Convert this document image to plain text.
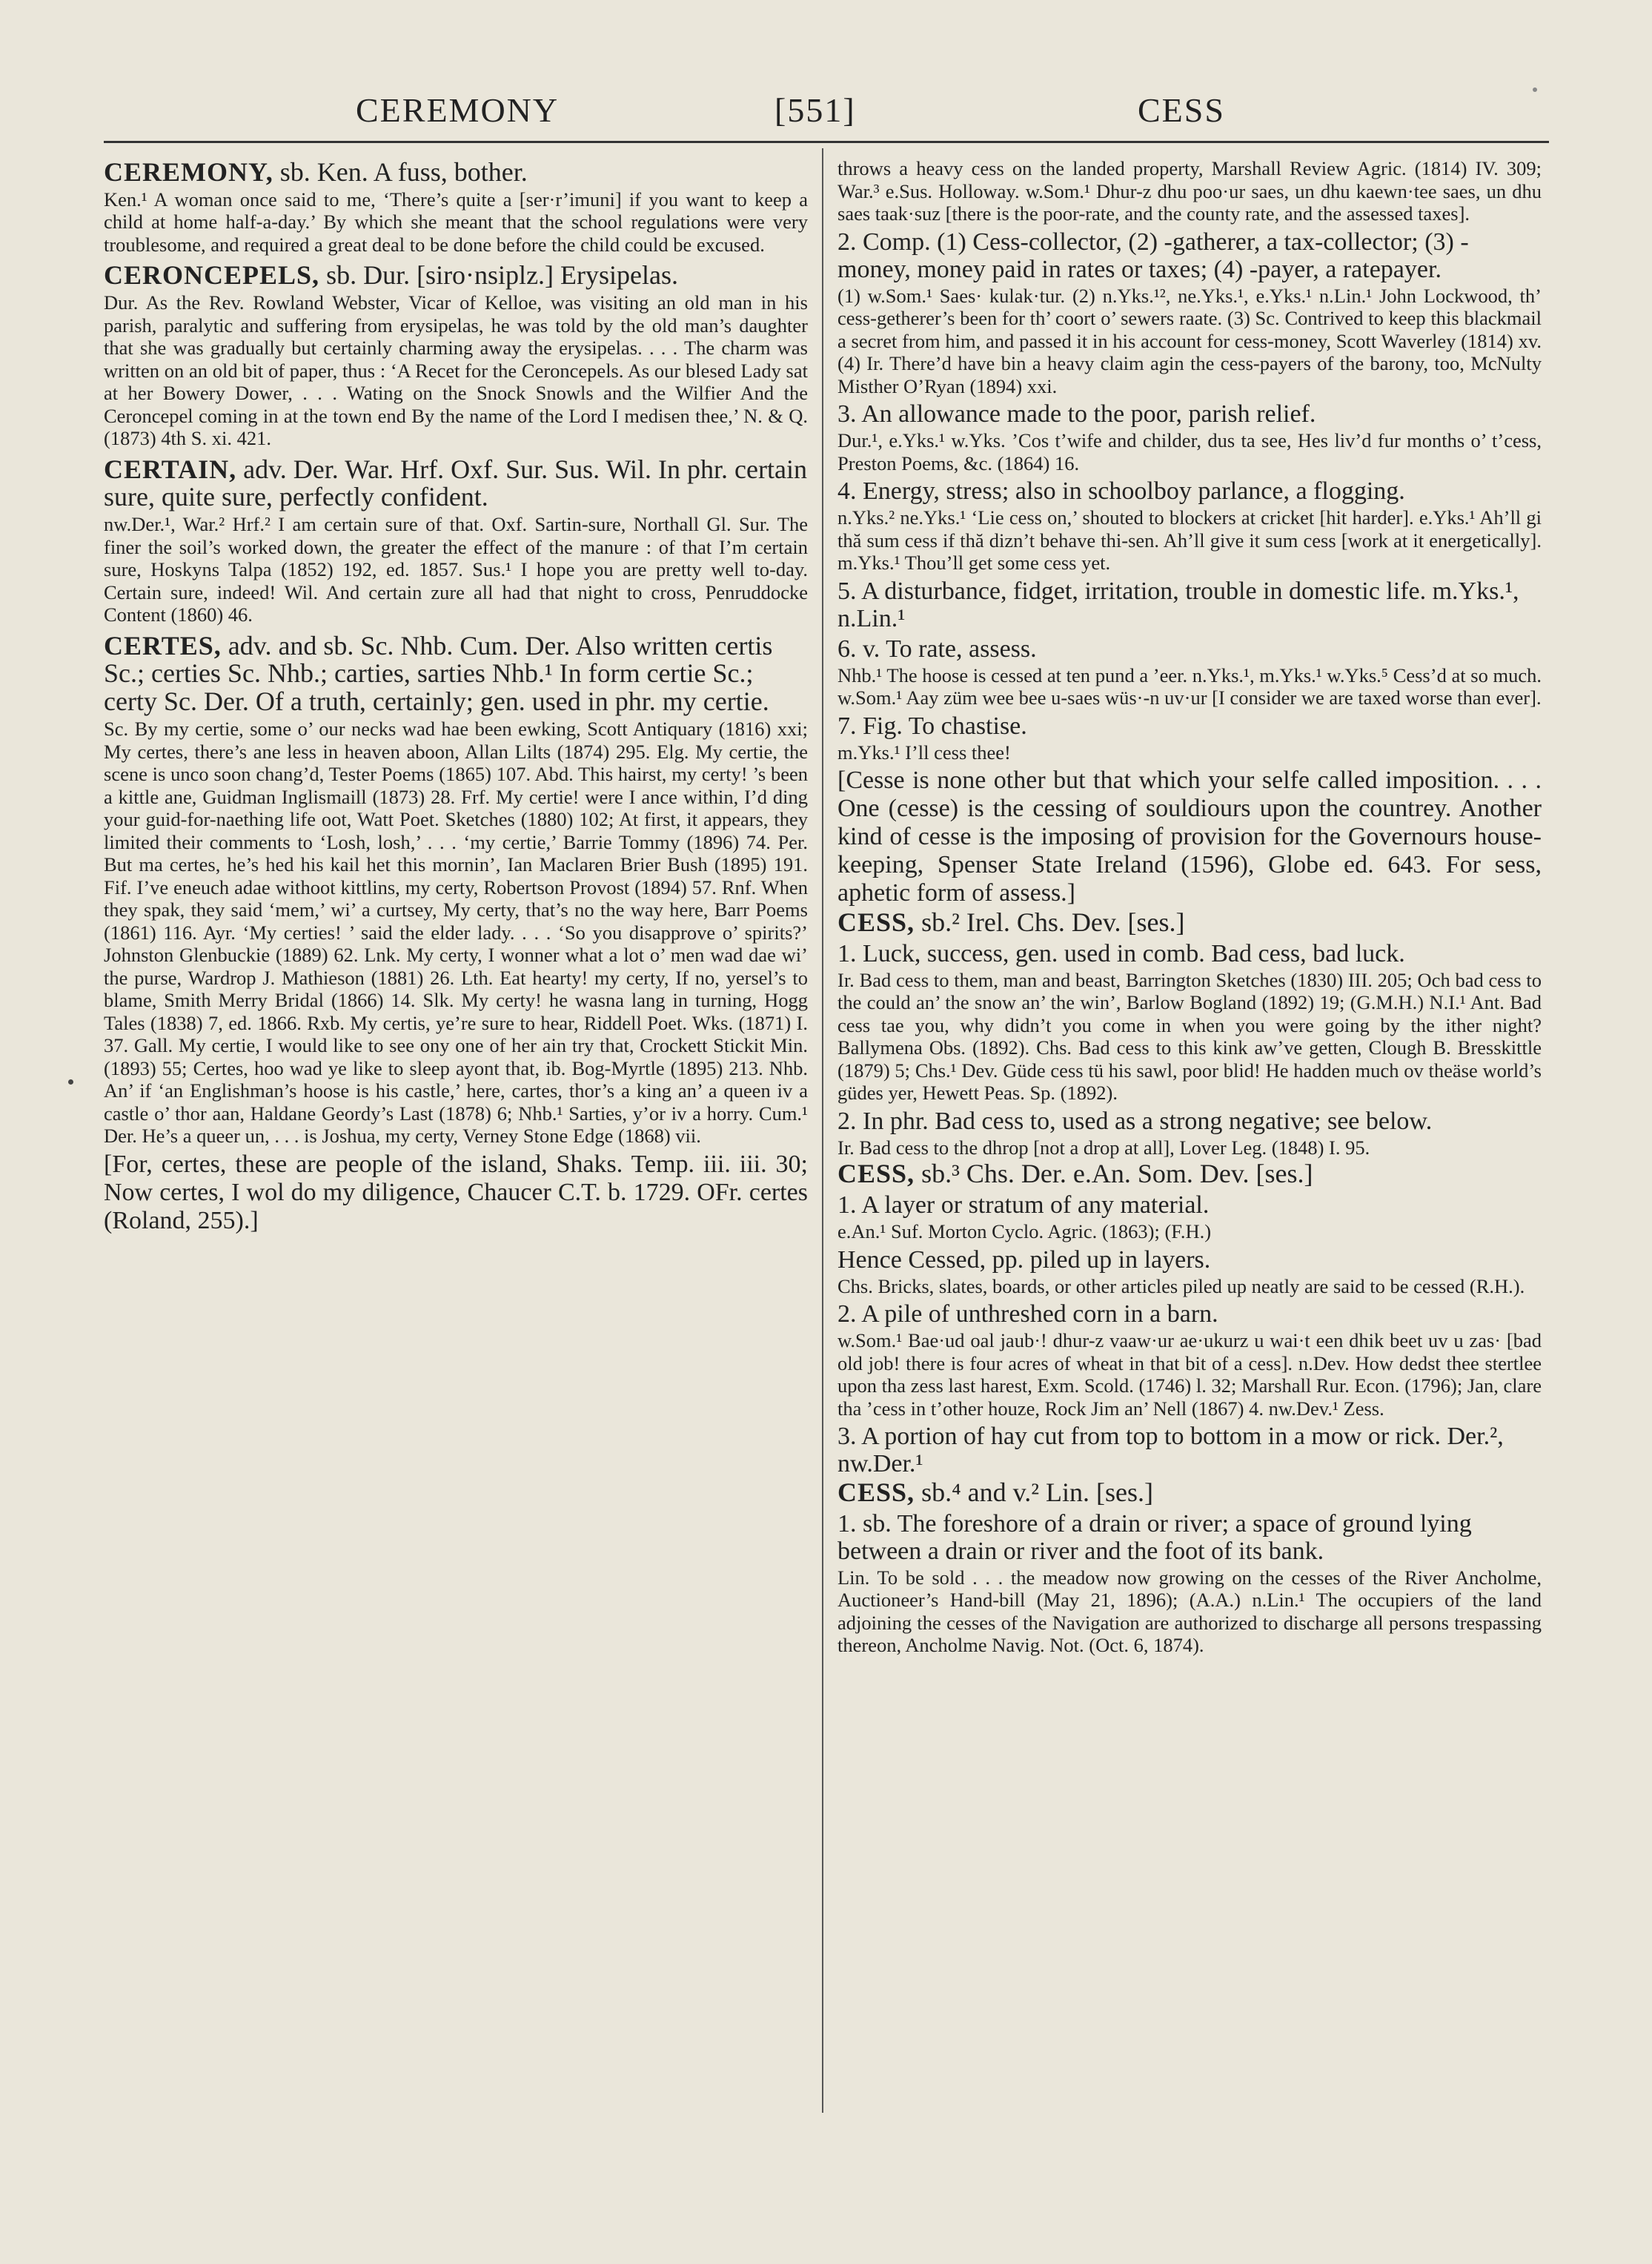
CEREMONY	[551]	CESS

CEREMONY, sb. Ken. A fuss, bother.

Ken.¹ A woman once said to me, ‘There’s quite a [ser·r’imuni] if you want to keep a child at home half-a-day.’ By which she meant that the school regulations were very troublesome, and required a great deal to be done before the child could be excused.

CERONCEPELS, sb. Dur. [siro·nsiplz.] Erysipelas.

Dur. As the Rev. Rowland Webster, Vicar of Kelloe, was visiting an old man in his parish, paralytic and suffering from erysipelas, he was told by the old man’s daughter that she was gradually but certainly charming away the erysipelas. . . . The charm was written on an old bit of paper, thus : ‘A Recet for the Ceroncepels. As our blesed Lady sat at her Bowery Dower, . . . Wating on the Snock Snowls and the Wilfier And the Ceroncepel coming in at the town end By the name of the Lord I medisen thee,’ N. & Q. (1873) 4th S. xi. 421.

CERTAIN, adv. Der. War. Hrf. Oxf. Sur. Sus. Wil. In phr. certain sure, quite sure, perfectly confident.

nw.Der.¹, War.² Hrf.² I am certain sure of that. Oxf. Sartin-sure, Northall Gl. Sur. The finer the soil’s worked down, the greater the effect of the manure : of that I’m certain sure, Hoskyns Talpa (1852) 192, ed. 1857. Sus.¹ I hope you are pretty well to-day. Certain sure, indeed! Wil. And certain zure all had that night to cross, Penruddocke Content (1860) 46.

CERTES, adv. and sb. Sc. Nhb. Cum. Der. Also written certis Sc.; certies Sc. Nhb.; carties, sarties Nhb.¹ In form certie Sc.; certy Sc. Der. Of a truth, certainly; gen. used in phr. my certie.

Sc. By my certie, some o’ our necks wad hae been ewking, Scott Antiquary (1816) xxi; My certes, there’s ane less in heaven aboon, Allan Lilts (1874) 295. Elg. My certie, the scene is unco soon chang’d, Tester Poems (1865) 107. Abd. This hairst, my certy! ’s been a kittle ane, Guidman Inglismaill (1873) 28. Frf. My certie! were I ance within, I’d ding your guid-for-naething life oot, Watt Poet. Sketches (1880) 102; At first, it appears, they limited their comments to ‘Losh, losh,’ . . . ‘my certie,’ Barrie Tommy (1896) 74. Per. But ma certes, he’s hed his kail het this mornin’, Ian Maclaren Brier Bush (1895) 191. Fif. I’ve eneuch adae withoot kittlins, my certy, Robertson Provost (1894) 57. Rnf. When they spak, they said ‘mem,’ wi’ a curtsey, My certy, that’s no the way here, Barr Poems (1861) 116. Ayr. ‘My certies! ’ said the elder lady. . . . ‘So you disapprove o’ spirits?’ Johnston Glenbuckie (1889) 62. Lnk. My certy, I wonner what a lot o’ men wad dae wi’ the purse, Wardrop J. Mathieson (1881) 26. Lth. Eat hearty! my certy, If no, yersel’s to blame, Smith Merry Bridal (1866) 14. Slk. My certy! he wasna lang in turning, Hogg Tales (1838) 7, ed. 1866. Rxb. My certis, ye’re sure to hear, Riddell Poet. Wks. (1871) I. 37. Gall. My certie, I would like to see ony one of her ain try that, Crockett Stickit Min. (1893) 55; Certes, hoo wad ye like to sleep ayont that, ib. Bog-Myrtle (1895) 213. Nhb. An’ if ‘an Englishman’s hoose is his castle,’ here, cartes, thor’s a king an’ a queen iv a castle o’ thor aan, Haldane Geordy’s Last (1878) 6; Nhb.¹ Sarties, y’or iv a horry. Cum.¹ Der. He’s a queer un, . . . is Joshua, my certy, Verney Stone Edge (1868) vii.

[For, certes, these are people of the island, Shaks. Temp. iii. iii. 30; Now certes, I wol do my diligence, Chaucer C.T. b. 1729. OFr. certes (Roland, 255).]

throws a heavy cess on the landed property, Marshall Review Agric. (1814) IV. 309; War.³ e.Sus. Holloway. w.Som.¹ Dhur-z dhu poo·ur saes, un dhu kaewn·tee saes, un dhu saes taak·suz [there is the poor-rate, and the county rate, and the assessed taxes].

2. Comp. (1) Cess-collector, (2) -gatherer, a tax-collector; (3) -money, money paid in rates or taxes; (4) -payer, a ratepayer.

(1) w.Som.¹ Saes· kulak·tur. (2) n.Yks.¹², ne.Yks.¹, e.Yks.¹ n.Lin.¹ John Lockwood, th’ cess-getherer’s been for th’ coort o’ sewers raate. (3) Sc. Contrived to keep this blackmail a secret from him, and passed it in his account for cess-money, Scott Waverley (1814) xv. (4) Ir. There’d have bin a heavy claim agin the cess-payers of the barony, too, McNulty Misther O’Ryan (1894) xxi.

3. An allowance made to the poor, parish relief.

Dur.¹, e.Yks.¹ w.Yks. ’Cos t’wife and childer, dus ta see, Hes liv’d fur months o’ t’cess, Preston Poems, &c. (1864) 16.

4. Energy, stress; also in schoolboy parlance, a flogging.

n.Yks.² ne.Yks.¹ ‘Lie cess on,’ shouted to blockers at cricket [hit harder]. e.Yks.¹ Ah’ll gi thă sum cess if thă dizn’t behave thi-sen. Ah’ll give it sum cess [work at it energetically]. m.Yks.¹ Thou’ll get some cess yet.

5. A disturbance, fidget, irritation, trouble in domestic life. m.Yks.¹, n.Lin.¹

6. v. To rate, assess.

Nhb.¹ The hoose is cessed at ten pund a ’eer. n.Yks.¹, m.Yks.¹ w.Yks.⁵ Cess’d at so much. w.Som.¹ Aay züm wee bee u-saes wüs·-n uv·ur [I consider we are taxed worse than ever].

7. Fig. To chastise.

m.Yks.¹ I’ll cess thee!

[Cesse is none other but that which your selfe called imposition. . . . One (cesse) is the cessing of souldiours upon the countrey. Another kind of cesse is the imposing of provision for the Governours house-keeping, Spenser State Ireland (1596), Globe ed. 643. For sess, aphetic form of assess.]

CESS, sb.² Irel. Chs. Dev. [ses.]

1. Luck, success, gen. used in comb. Bad cess, bad luck.

Ir. Bad cess to them, man and beast, Barrington Sketches (1830) III. 205; Och bad cess to the could an’ the snow an’ the win’, Barlow Bogland (1892) 19; (G.M.H.) N.I.¹ Ant. Bad cess tae you, why didn’t you come in when you were going by the ither night? Ballymena Obs. (1892). Chs. Bad cess to this kink aw’ve getten, Clough B. Bresskittle (1879) 5; Chs.¹ Dev. Güde cess tü his sawl, poor blid! He hadden much ov theäse world’s güdes yer, Hewett Peas. Sp. (1892).

2. In phr. Bad cess to, used as a strong negative; see below.

Ir. Bad cess to the dhrop [not a drop at all], Lover Leg. (1848) I. 95.

CESS, sb.³ Chs. Der. e.An. Som. Dev. [ses.]

1. A layer or stratum of any material.

e.An.¹ Suf. Morton Cyclo. Agric. (1863); (F.H.)

Hence Cessed, pp. piled up in layers.

Chs. Bricks, slates, boards, or other articles piled up neatly are said to be cessed (R.H.).

2. A pile of unthreshed corn in a barn.

w.Som.¹ Bae·ud oal jaub·! dhur-z vaaw·ur ae·ukurz u wai·t een dhik beet uv u zas· [bad old job! there is four acres of wheat in that bit of a cess]. n.Dev. How dedst thee stertlee upon tha zess last harest, Exm. Scold. (1746) l. 32; Marshall Rur. Econ. (1796); Jan, clare tha ’cess in t’other houze, Rock Jim an’ Nell (1867) 4. nw.Dev.¹ Zess.

3. A portion of hay cut from top to bottom in a mow or rick. Der.², nw.Der.¹

CESS, sb.⁴ and v.² Lin. [ses.]

1. sb. The foreshore of a drain or river; a space of ground lying between a drain or river and the foot of its bank.

Lin. To be sold . . . the meadow now growing on the cesses of the River Ancholme, Auctioneer’s Hand-bill (May 21, 1896); (A.A.) n.Lin.¹ The occupiers of the land adjoining the cesses of the Navigation are authorized to discharge all persons trespassing thereon, Ancholme Navig. Not. (Oct. 6, 1874).
